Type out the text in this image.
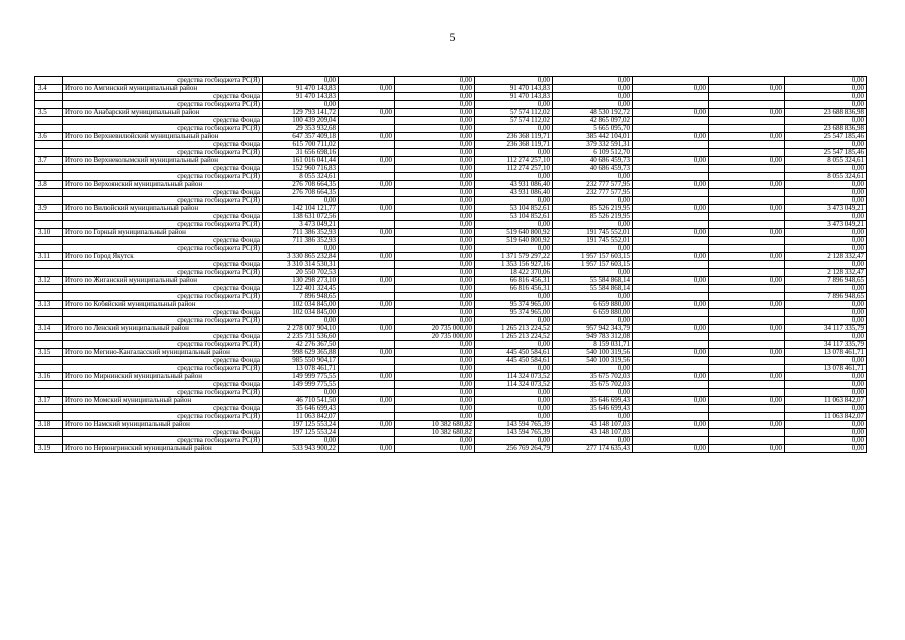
5
	средства госбюджета РС(Я)	0,00		0,00	0,00	0,00			0,00
3.4	Итого по Амгинский муниципальный район	91 470 143,83	0,00	0,00	91 470 143,83	0,00	0,00	0,00	0,00
	средства Фонда	91 470 143,83		0,00	91 470 143,83	0,00			0,00
	средства госбюджета РС(Я)	0,00		0,00	0,00	0,00			0,00
3.5	Итого по Анабарский муниципальный район	129 793 141,72	0,00	0,00	57 574 112,02	48 530 192,72	0,00	0,00	23 688 836,98
	средства Фонда	100 439 209,04		0,00	57 574 112,02	42 865 097,02			0,00
	средства госбюджета РС(Я)	29 353 932,68		0,00	0,00	5 665 095,70			23 688 836,98
3.6	Итого по Верхневилюйский муниципальный район	647 357 409,18	0,00	0,00	236 368 119,71	385 442 104,01	0,00	0,00	25 547 185,46
	средства Фонда	615 700 711,02		0,00	236 368 119,71	379 332 591,31			0,00
	средства госбюджета РС(Я)	31 656 698,16		0,00	0,00	6 109 512,70			25 547 185,46
3.7	Итого по Верхнеколымский муниципальный район	161 016 041,44	0,00	0,00	112 274 257,10	40 686 459,73	0,00	0,00	8 055 324,61
	средства Фонда	152 960 716,83		0,00	112 274 257,10	40 686 459,73			0,00
	средства госбюджета РС(Я)	8 055 324,61		0,00	0,00	0,00			8 055 324,61
3.8	Итого по Верхоянский муниципальный район	276 708 664,35	0,00	0,00	43 931 086,40	232 777 577,95	0,00	0,00	0,00
	средства Фонда	276 708 664,35		0,00	43 931 086,40	232 777 577,95			0,00
	средства госбюджета РС(Я)	0,00		0,00	0,00	0,00			0,00
3.9	Итого по Вилюйский муниципальный район	142 104 121,77	0,00	0,00	53 104 852,61	85 526 219,95	0,00	0,00	3 473 049,21
	средства Фонда	138 631 072,56		0,00	53 104 852,61	85 526 219,95			0,00
	средства госбюджета РС(Я)	3 473 049,21		0,00	0,00	0,00			3 473 049,21
3.10	Итого по Горный муниципальный район	711 386 352,93	0,00	0,00	519 640 800,92	191 745 552,01	0,00	0,00	0,00
	средства Фонда	711 386 352,93		0,00	519 640 800,92	191 745 552,01			0,00
	средства госбюджета РС(Я)	0,00		0,00	0,00	0,00			0,00
3.11	Итого по Город Якутск	3 330 865 232,84	0,00	0,00	1 371 579 297,22	1 957 157 603,15	0,00	0,00	2 128 332,47
	средства Фонда	3 310 314 530,31		0,00	1 353 156 927,16	1 957 157 603,15			0,00
	средства госбюджета РС(Я)	20 550 702,53		0,00	18 422 370,06	0,00			2 128 332,47
3.12	Итого по Жиганский муниципальный район	130 298 273,10	0,00	0,00	66 816 456,31	55 584 868,14	0,00	0,00	7 896 948,65
	средства Фонда	122 401 324,45		0,00	66 816 456,31	55 584 868,14			0,00
	средства госбюджета РС(Я)	7 896 948,65		0,00	0,00	0,00			7 896 948,65
3.13	Итого по Кобяйский муниципальный район	102 034 845,00	0,00	0,00	95 374 965,00	6 659 880,00	0,00	0,00	0,00
	средства Фонда	102 034 845,00		0,00	95 374 965,00	6 659 880,00			0,00
	средства госбюджета РС(Я)	0,00		0,00	0,00	0,00			0,00
3.14	Итого по Ленский муниципальный район	2 278 007 904,10	0,00	20 735 000,00	1 265 213 224,52	957 942 343,79	0,00	0,00	34 117 335,79
	средства Фонда	2 235 731 536,60		20 735 000,00	1 265 213 224,52	949 783 312,08			0,00
	средства госбюджета РС(Я)	42 276 367,50		0,00	0,00	8 159 031,71			34 117 335,79
3.15	Итого по Мегино-Кангаласский муниципальный район	998 629 365,88	0,00	0,00	445 450 584,61	540 100 319,56	0,00	0,00	13 078 461,71
	средства Фонда	985 550 904,17		0,00	445 450 584,61	540 100 319,56			0,00
	средства госбюджета РС(Я)	13 078 461,71		0,00	0,00	0,00			13 078 461,71
3.16	Итого по Мирнинский муниципальный район	149 999 775,55	0,00	0,00	114 324 073,52	35 675 702,03	0,00	0,00	0,00
	средства Фонда	149 999 775,55		0,00	114 324 073,52	35 675 702,03			0,00
	средства госбюджета РС(Я)	0,00		0,00	0,00	0,00			0,00
3.17	Итого по Момский муниципальный район	46 710 541,50	0,00	0,00	0,00	35 646 699,43	0,00	0,00	11 063 842,07
	средства Фонда	35 646 699,43		0,00	0,00	35 646 699,43			0,00
	средства госбюджета РС(Я)	11 063 842,07		0,00	0,00	0,00			11 063 842,07
3.18	Итого по Намский муниципальный район	197 125 553,24	0,00	10 382 680,82	143 594 765,39	43 148 107,03	0,00	0,00	0,00
	средства Фонда	197 125 553,24		10 382 680,82	143 594 765,39	43 148 107,03			0,00
	средства госбюджета РС(Я)	0,00		0,00	0,00	0,00			0,00
3.19	Итого по Нерюнгринский муниципальный район	533 943 900,22	0,00	0,00	256 769 264,79	277 174 635,43	0,00	0,00	0,00
